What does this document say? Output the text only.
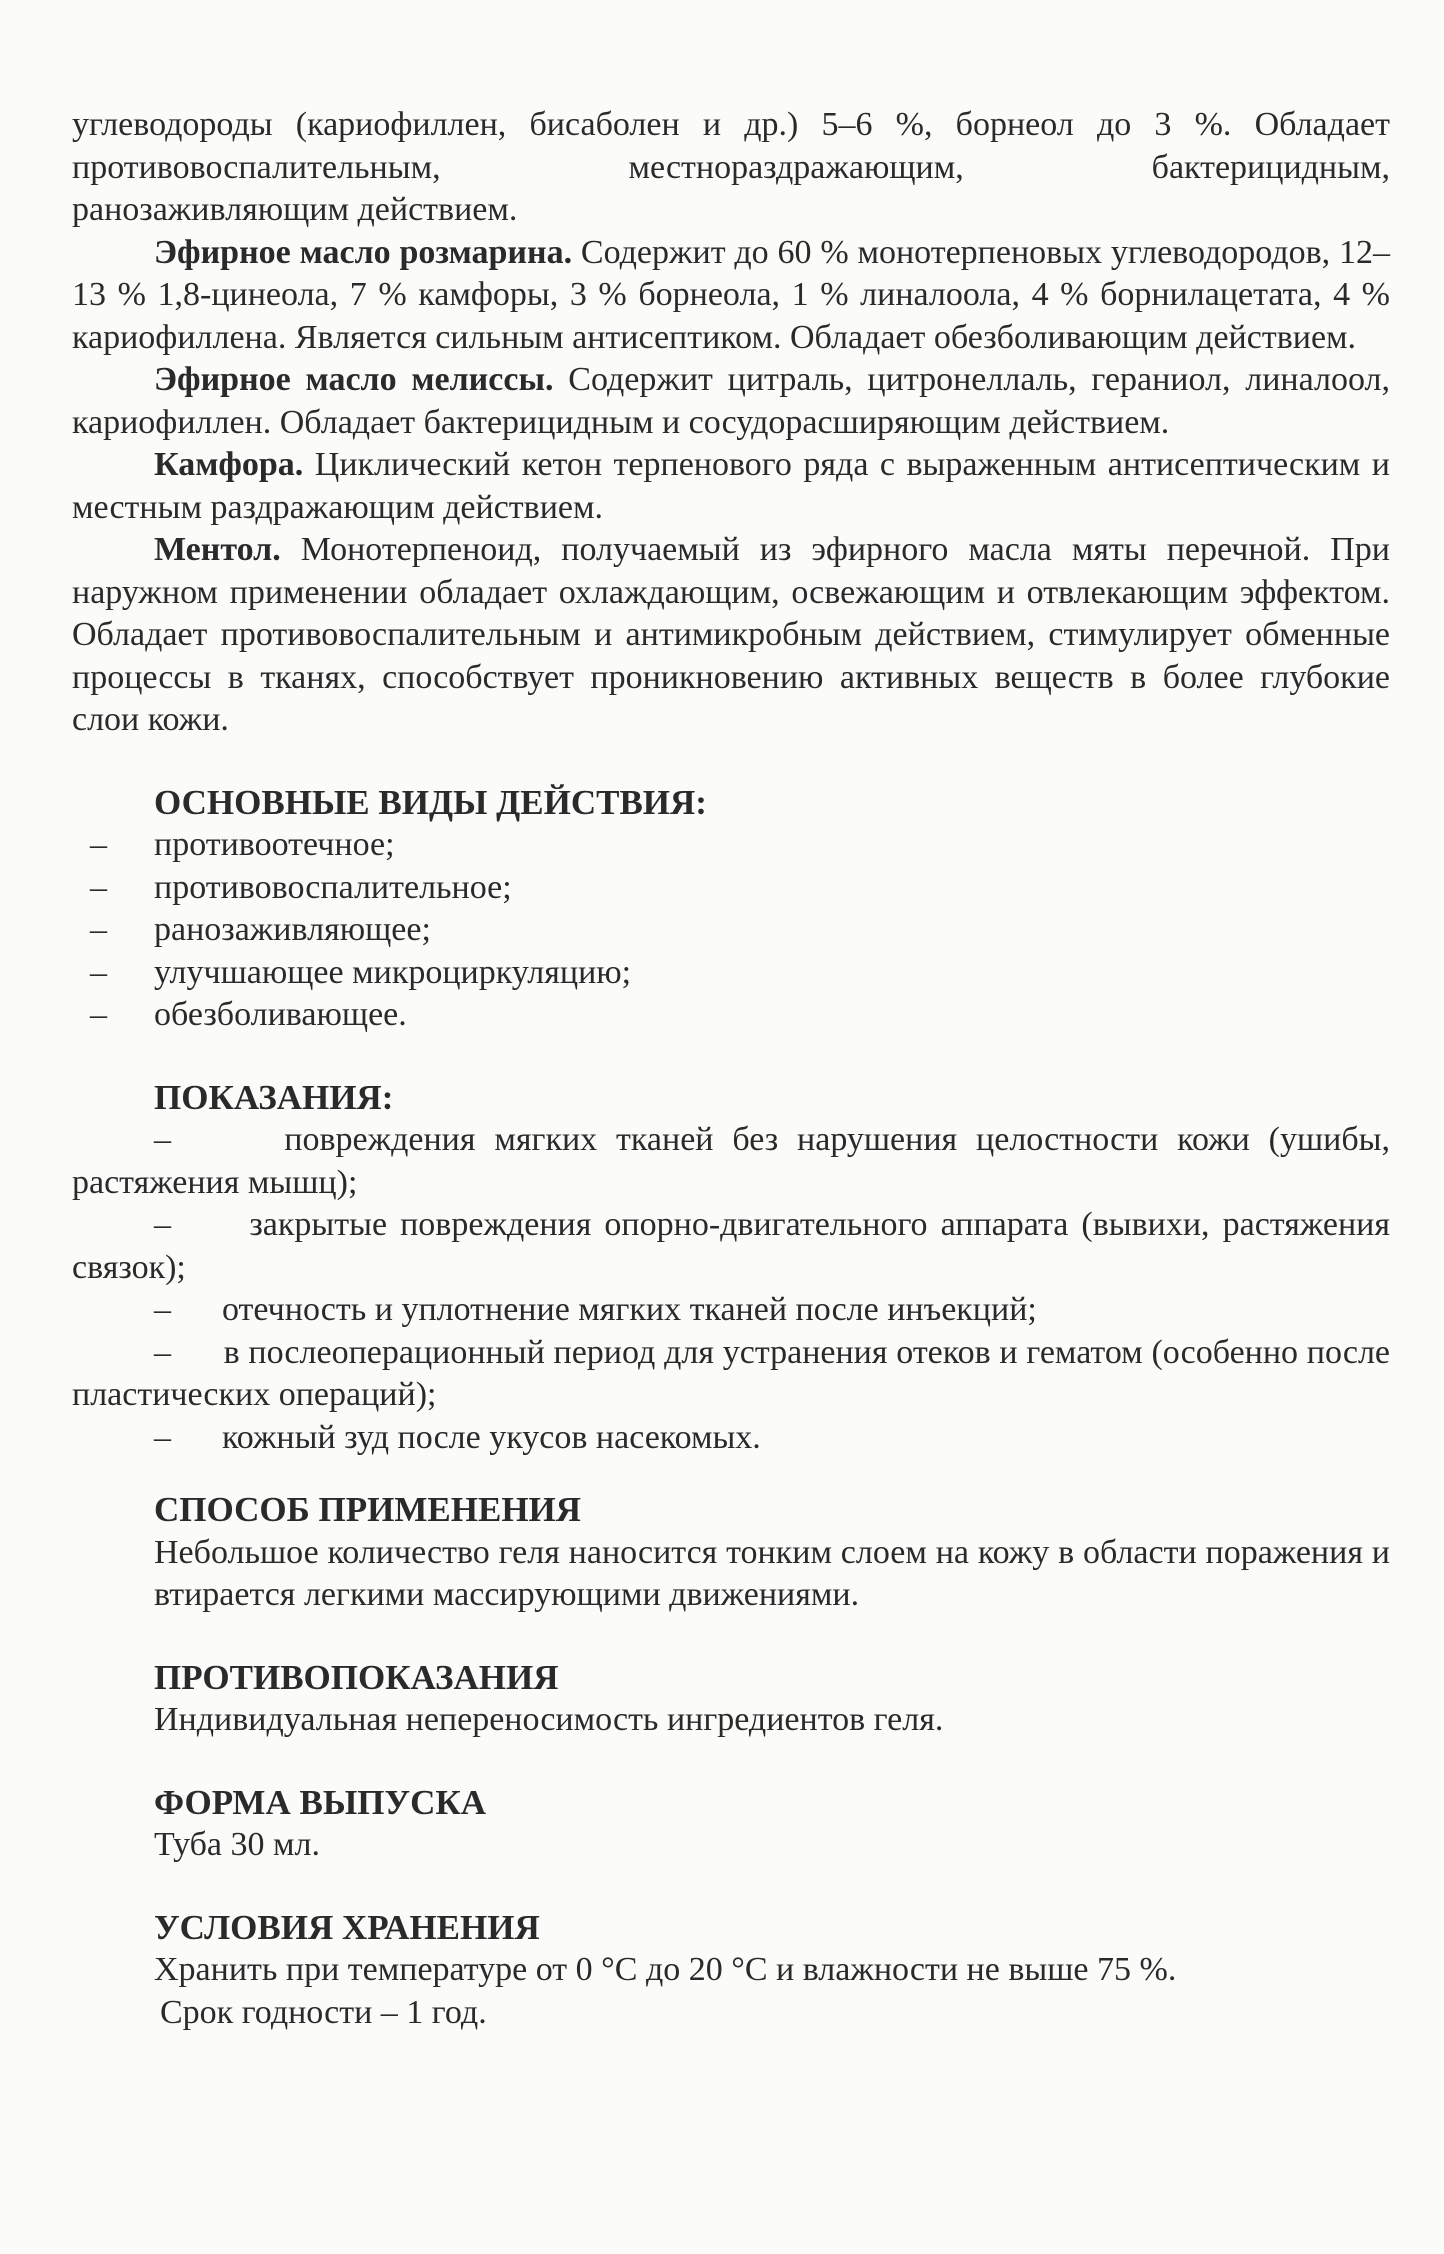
углеводороды (кариофиллен, бисаболен и др.) 5–6 %, борнеол до 3 %. Обладает

противовоспалительным, местнораздражающим, бактерицидным,

ранозаживляющим действием.

Эфирное масло розмарина. Содержит до 60 % монотерпеновых углеводородов, 12–13 % 1,8-цинеола, 7 % камфоры, 3 % борнеола, 1 % линалоола, 4 % борнилацетата, 4 % кариофиллена. Является сильным антисептиком. Обладает обезболивающим действием.

Эфирное масло мелиссы. Содержит цитраль, цитронеллаль, гераниол, линалоол, кариофиллен. Обладает бактерицидным и сосудорасширяющим действием.

Камфора. Циклический кетон терпенового ряда с выраженным антисептическим и местным раздражающим действием.

Ментол. Монотерпеноид, получаемый из эфирного масла мяты перечной. При наружном применении обладает охлаждающим, освежающим и отвлекающим эффектом. Обладает противовоспалительным и антимикробным действием, стимулирует обменные процессы в тканях, способствует проникновению активных веществ в более глубокие слои кожи.

ОСНОВНЫЕ ВИДЫ ДЕЙСТВИЯ:
–	противоотечное;
–	противовоспалительное;
–	ранозаживляющее;
–	улучшающее микроциркуляцию;
–	обезболивающее.
ПОКАЗАНИЯ:

–	повреждения мягких тканей без нарушения целостности кожи (ушибы, растяжения мышц);

– закрытые повреждения опорно-двигательного аппарата (вывихи, растяжения связок);

– отечность и уплотнение мягких тканей после инъекций;

– в послеоперационный период для устранения отеков и гематом (особенно после пластических операций);

– кожный зуд после укусов насекомых.

СПОСОБ ПРИМЕНЕНИЯ

Небольшое количество геля наносится тонким слоем на кожу в области поражения и втирается легкими массирующими движениями.

ПРОТИВОПОКАЗАНИЯ

Индивидуальная непереносимость ингредиентов геля.

ФОРМА ВЫПУСКА

Туба 30 мл.

УСЛОВИЯ ХРАНЕНИЯ

Хранить при температуре от 0 °С до 20 °С и влажности не выше 75 %.

Срок годности – 1 год.
